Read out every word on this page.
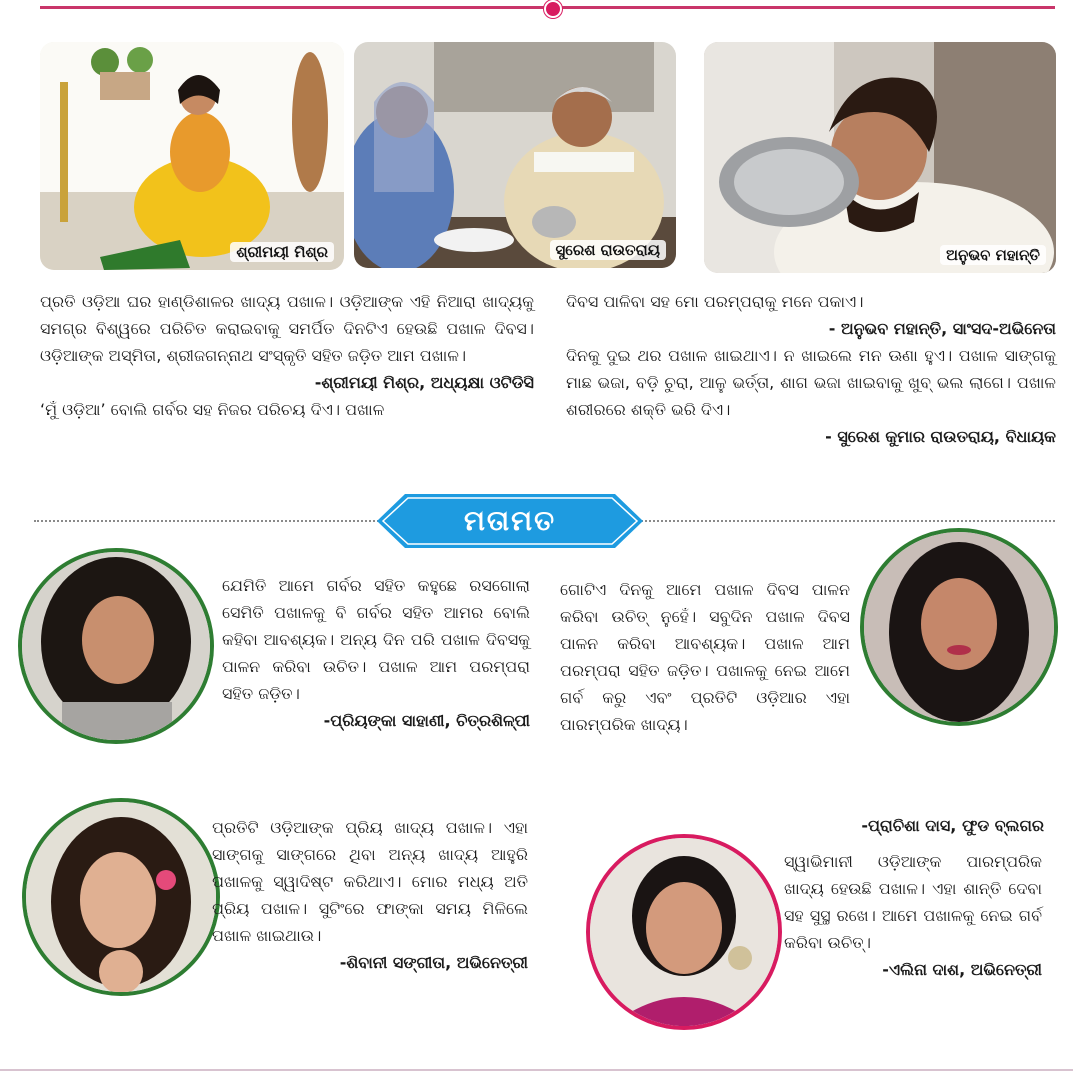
ଶ୍ରୀମୟୀ ମିଶ୍ର	ସୁରେଶ ରାଉତରାୟ	ଅନୁଭବ ମହାନ୍ତି

ପ୍ରତି ଓଡ଼ିଆ ଘର ହାଣ୍ଡିଶାଳର ଖାଦ୍ୟ ପଖାଳ। ଓଡ଼ିଆଙ୍କ ଏହି ନିଆରା ଖାଦ୍ୟକୁ ସମଗ୍ର ବିଶ୍ୱରେ ପରିଚିତ କରାଇବାକୁ ସମର୍ପିତ ଦିନଟିଏ ହେଉଛି ପଖାଳ ଦିବସ। ଓଡ଼ିଆଙ୍କ ଅସ୍ମିତା, ଶ୍ରୀଜଗନ୍ନାଥ ସଂସ୍କୃତି ସହିତ ଜଡ଼ିତ ଆମ ପଖାଳ।

-ଶ୍ରୀମୟୀ ମିଶ୍ର, ଅଧ୍ୟକ୍ଷା ଓଟିଡିସି

‘ମୁଁ ଓଡ଼ିଆ’ ବୋଲି ଗର୍ବର ସହ ନିଜର ପରିଚୟ ଦିଏ। ପଖାଳ

ଦିବସ ପାଳିବା ସହ ମୋ ପରମ୍ପରାକୁ ମନେ ପକାଏ।

- ଅନୁଭବ ମହାନ୍ତି, ସାଂସଦ-ଅଭିନେତା

ଦିନକୁ ଦୁଇ ଥର ପଖାଳ ଖାଇଥାଏ। ନ ଖାଇଲେ ମନ ଊଣା ହୁଏ। ପଖାଳ ସାଙ୍ଗକୁ ମାଛ ଭଜା, ବଡ଼ି ଚୁରା, ଆଳୁ ଭର୍ତ୍ତା, ଶାଗ ଭଜା ଖାଇବାକୁ ଖୁବ୍ ଭଲ ଲାଗେ। ପଖାଳ ଶରୀରରେ ଶକ୍ତି ଭରି ଦିଏ।

- ସୁରେଶ କୁମାର ରାଉତରାୟ, ବିଧାୟକ

ମତାମତ

ଯେମିତି ଆମେ ଗର୍ବର ସହିତ କହୁଛେ ରସଗୋଲା ସେମିତି ପଖାଳକୁ ବି ଗର୍ବର ସହିତ ଆମର ବୋଲି କହିବା ଆବଶ୍ୟକ। ଅନ୍ୟ ଦିନ ପରି ପଖାଳ ଦିବସକୁ ପାଳନ କରିବା ଉଚିତ। ପଖାଳ ଆମ ପରମ୍ପରା ସହିତ ଜଡ଼ିତ।

-ପ୍ରିୟଙ୍କା ସାହାଣୀ, ଚିତ୍ରଶିଳ୍ପୀ

ଗୋଟିଏ ଦିନକୁ ଆମେ ପଖାଳ ଦିବସ ପାଳନ କରିବା ଉଚିତ୍ ନୁହେଁ। ସବୁଦିନ ପଖାଳ ଦିବସ ପାଳନ କରିବା ଆବଶ୍ୟକ। ପଖାଳ ଆମ ପରମ୍ପରା ସହିତ ଜଡ଼ିତ। ପଖାଳକୁ ନେଇ ଆମେ ଗର୍ବ କରୁ ଏବଂ ପ୍ରତିଟି ଓଡ଼ିଆର ଏହା ପାରମ୍ପରିକ ଖାଦ୍ୟ।

-ପ୍ରାଚିଶା ଦାସ, ଫୁଡ ବ୍ଲଗର

ପ୍ରତିଟି ଓଡ଼ିଆଙ୍କ ପ୍ରିୟ ଖାଦ୍ୟ ପଖାଳ। ଏହା ସାଙ୍ଗକୁ ସାଙ୍ଗରେ ଥିବା ଅନ୍ୟ ଖାଦ୍ୟ ଆହୁରି ପଖାଳକୁ ସ୍ୱାଦିଷ୍ଟ କରିଥାଏ। ମୋର ମଧ୍ୟ ଅତି ପ୍ରିୟ ପଖାଳ। ସୁଟିଂରେ ଫାଙ୍କା ସମୟ ମିଳିଲେ ପଖାଳ ଖାଇଥାଉ।

-ଶିବାନୀ ସଙ୍ଗୀତା, ଅଭିନେତ୍ରୀ

ସ୍ୱାଭିମାନୀ ଓଡ଼ିଆଙ୍କ ପାରମ୍ପରିକ ଖାଦ୍ୟ ହେଉଛି ପଖାଳ। ଏହା ଶାନ୍ତି ଦେବା ସହ ସୁସ୍ଥ ରଖେ। ଆମେ ପଖାଳକୁ ନେଇ ଗର୍ବ କରିବା ଉଚିତ୍।

-ଏଲିନା ଦାଶ, ଅଭିନେତ୍ରୀ
